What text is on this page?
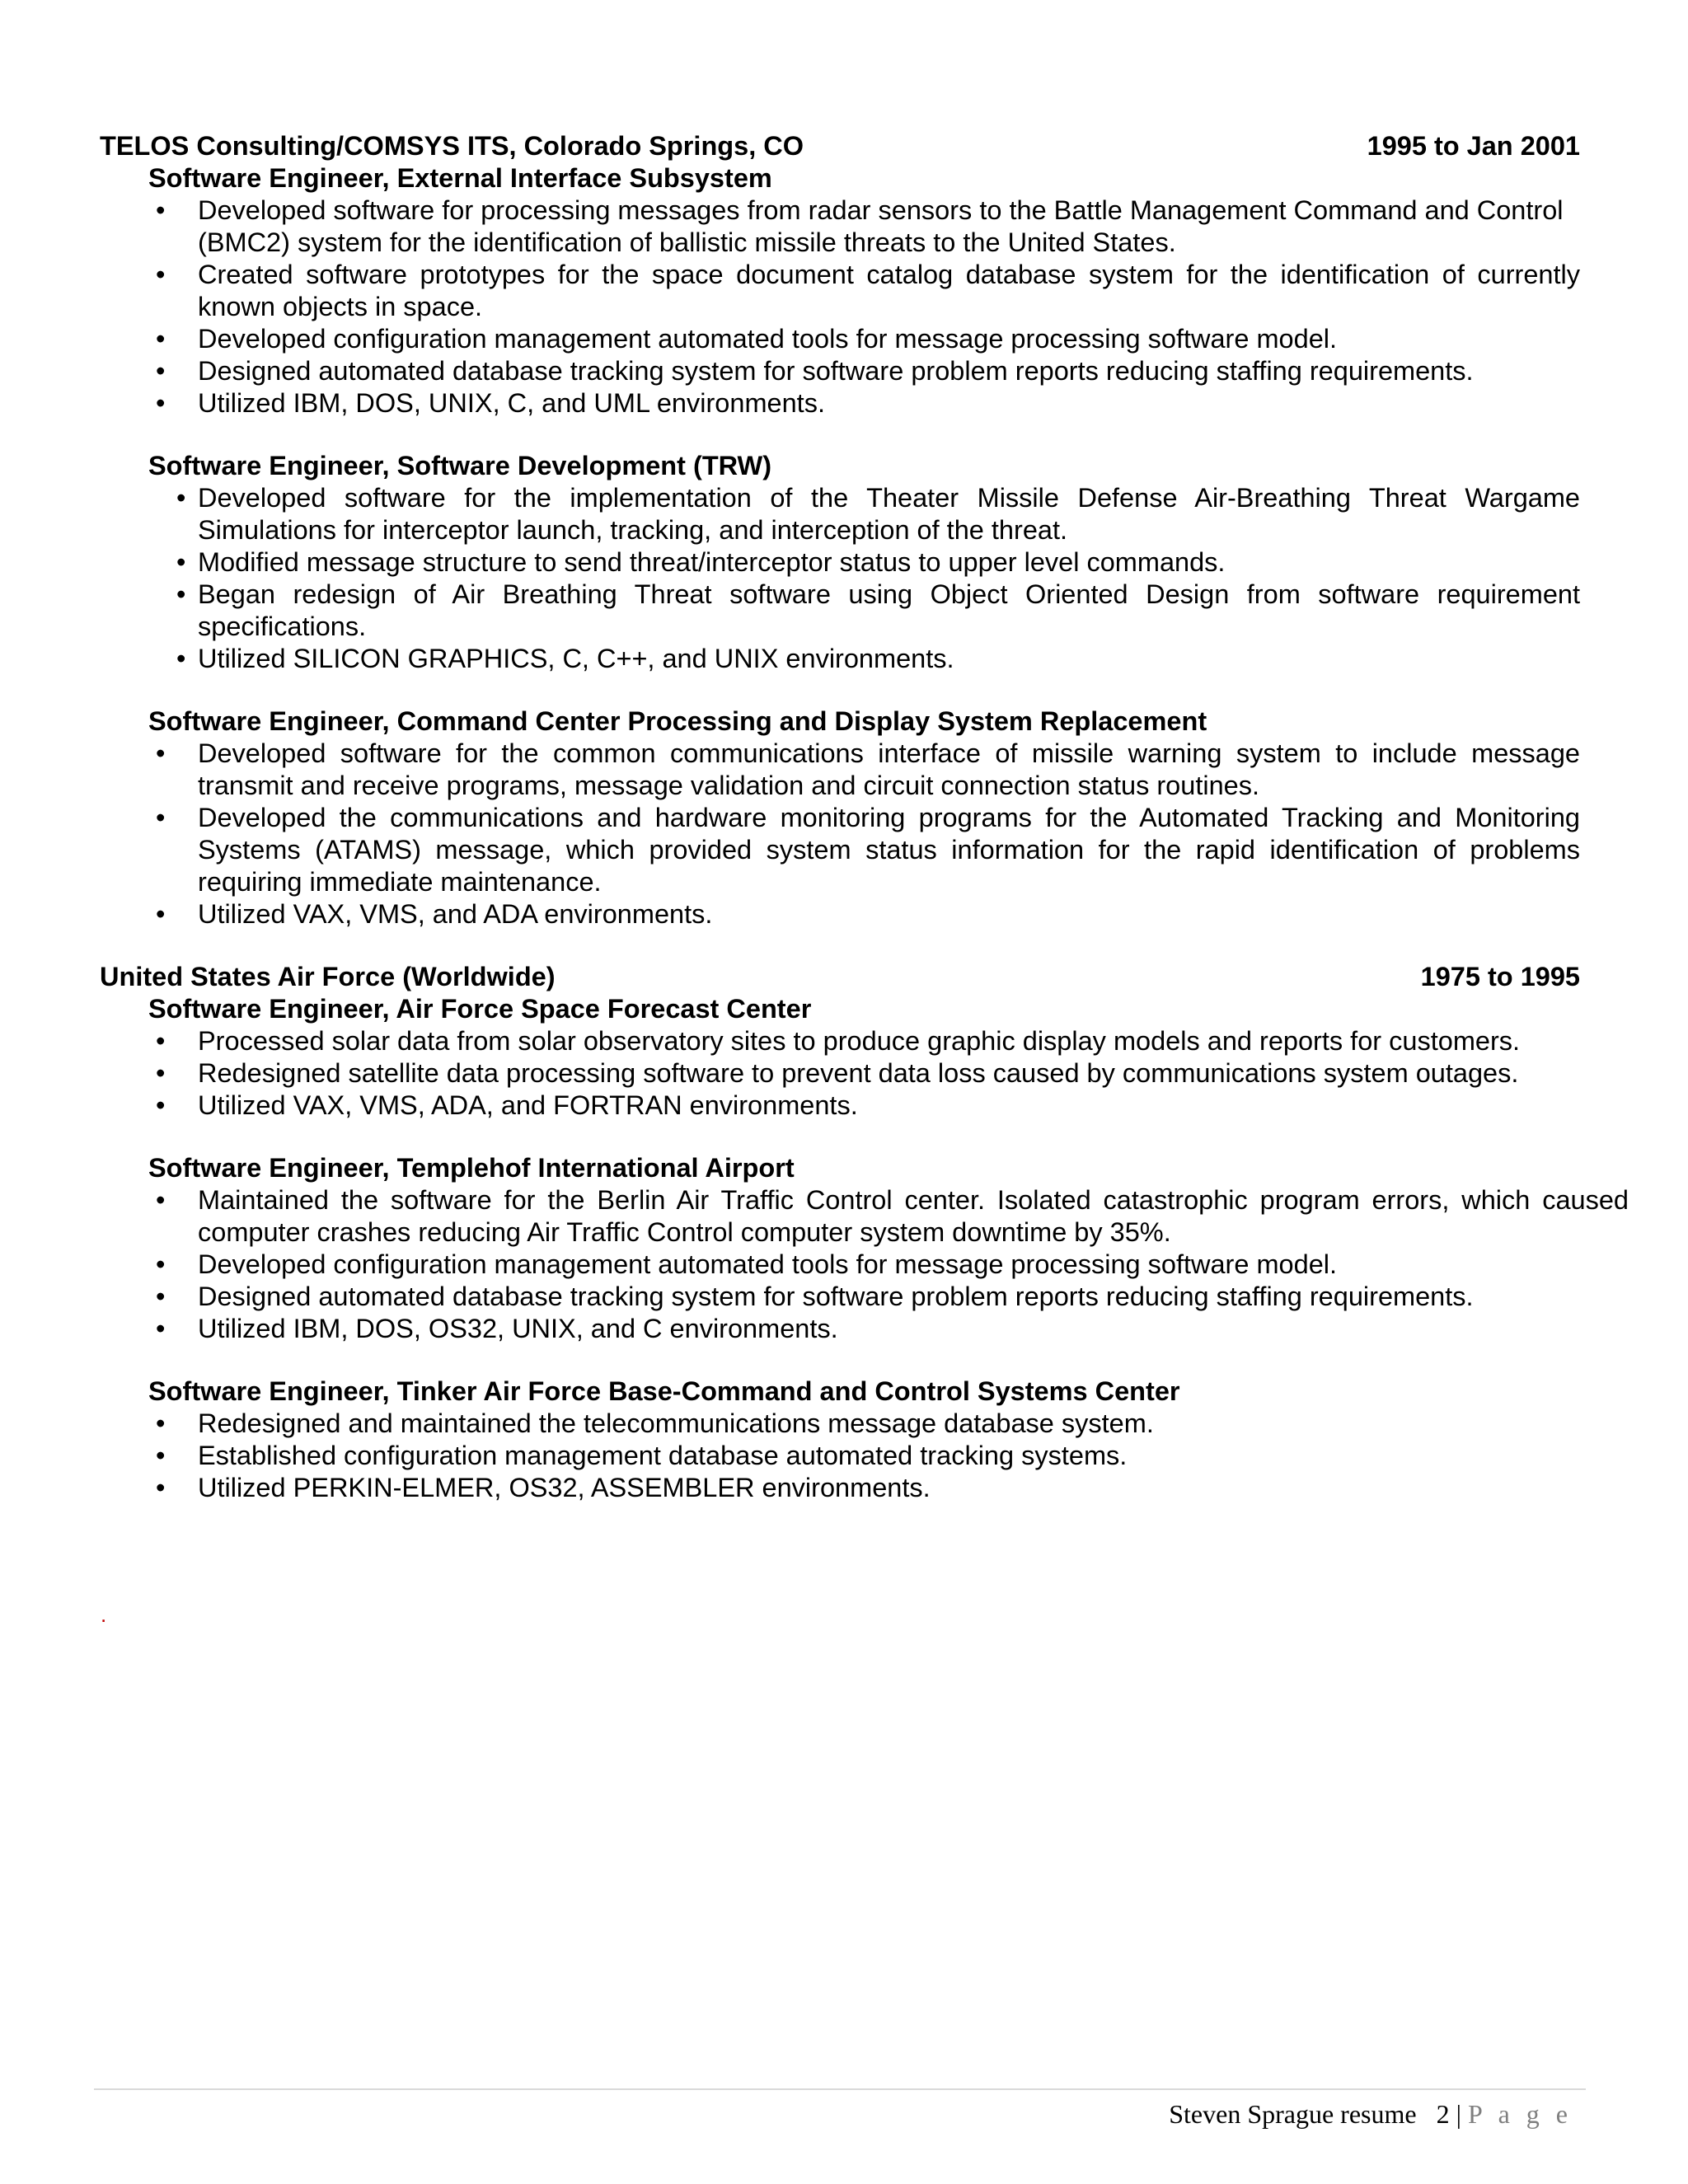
TELOS Consulting/COMSYS ITS, Colorado Springs, CO	1995 to Jan 2001
Software Engineer, External Interface Subsystem
• Developed software for processing messages from radar sensors to the Battle Management Command and Control (BMC2) system for the identification of ballistic missile threats to the United States.
• Created software prototypes for the space document catalog database system for the identification of currently known objects in space.
• Developed configuration management automated tools for message processing software model.
• Designed automated database tracking system for software problem reports reducing staffing requirements.
• Utilized IBM, DOS, UNIX, C, and UML environments.
Software Engineer, Software Development (TRW)
• Developed software for the implementation of the Theater Missile Defense Air-Breathing Threat Wargame Simulations for interceptor launch, tracking, and interception of the threat.
• Modified message structure to send threat/interceptor status to upper level commands.
• Began redesign of Air Breathing Threat software using Object Oriented Design from software requirement specifications.
• Utilized SILICON GRAPHICS, C, C++, and UNIX environments.
Software Engineer, Command Center Processing and Display System Replacement
• Developed software for the common communications interface of missile warning system to include message transmit and receive programs, message validation and circuit connection status routines.
• Developed the communications and hardware monitoring programs for the Automated Tracking and Monitoring Systems (ATAMS) message, which provided system status information for the rapid identification of problems requiring immediate maintenance.
• Utilized VAX, VMS, and ADA environments.
United States Air Force (Worldwide)	1975 to 1995
Software Engineer, Air Force Space Forecast Center
• Processed solar data from solar observatory sites to produce graphic display models and reports for customers.
• Redesigned satellite data processing software to prevent data loss caused by communications system outages.
• Utilized VAX, VMS, ADA, and FORTRAN environments.
Software Engineer, Templehof International Airport
• Maintained the software for the Berlin Air Traffic Control center. Isolated catastrophic program errors, which caused computer crashes reducing Air Traffic Control computer system downtime by 35%.
• Developed configuration management automated tools for message processing software model.
• Designed automated database tracking system for software problem reports reducing staffing requirements.
• Utilized IBM, DOS, OS32, UNIX, and C environments.
Software Engineer, Tinker Air Force Base-Command and Control Systems Center
• Redesigned and maintained the telecommunications message database system.
• Established configuration management database automated tracking systems.
• Utilized PERKIN-ELMER, OS32, ASSEMBLER environments.
.
Steven Sprague resume 2 | P a g e
